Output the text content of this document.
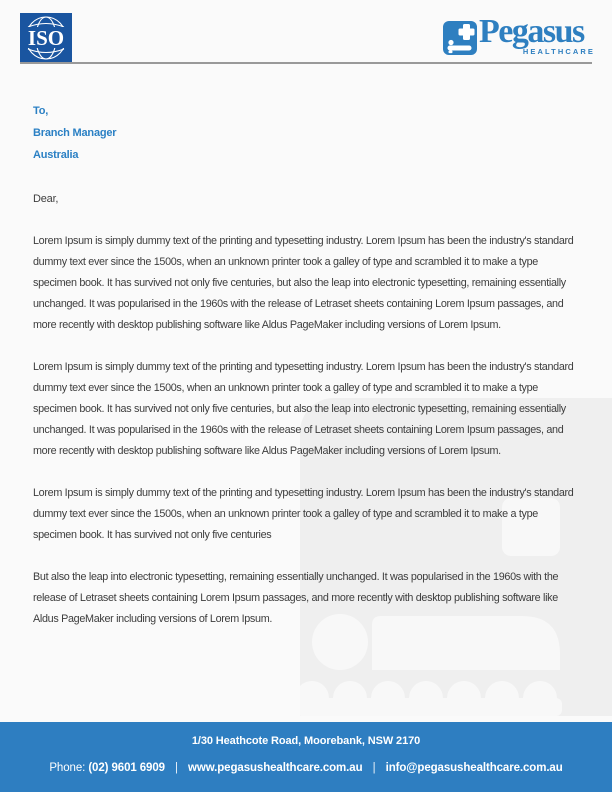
ISO	Pegasus
HEALTHCARE
To,
Branch Manager
Australia
Dear,

Lorem Ipsum is simply dummy text of the printing and typesetting industry. Lorem Ipsum has been the industry's standard dummy text ever since the 1500s, when an unknown printer took a galley of type and scrambled it to make a type specimen book. It has survived not only five centuries, but also the leap into electronic typesetting, remaining essentially unchanged. It was popularised in the 1960s with the release of Letraset sheets containing Lorem Ipsum passages, and more recently with desktop publishing software like Aldus PageMaker including versions of Lorem Ipsum.

Lorem Ipsum is simply dummy text of the printing and typesetting industry. Lorem Ipsum has been the industry's standard dummy text ever since the 1500s, when an unknown printer took a galley of type and scrambled it to make a type specimen book. It has survived not only five centuries, but also the leap into electronic typesetting, remaining essentially unchanged. It was popularised in the 1960s with the release of Letraset sheets containing Lorem Ipsum passages, and more recently with desktop publishing software like Aldus PageMaker including versions of Lorem Ipsum.

Lorem Ipsum is simply dummy text of the printing and typesetting industry. Lorem Ipsum has been the industry's standard dummy text ever since the 1500s, when an unknown printer took a galley of type and scrambled it to make a type specimen book. It has survived not only five centuries

But also the leap into electronic typesetting, remaining essentially unchanged. It was popularised in the 1960s with the release of Letraset sheets containing Lorem Ipsum passages, and more recently with desktop publishing software like Aldus PageMaker including versions of Lorem Ipsum.

1/30 Heathcote Road, Moorebank, NSW 2170
Phone: (02) 9601 6909 | www.pegasushealthcare.com.au | info@pegasushealthcare.com.au
